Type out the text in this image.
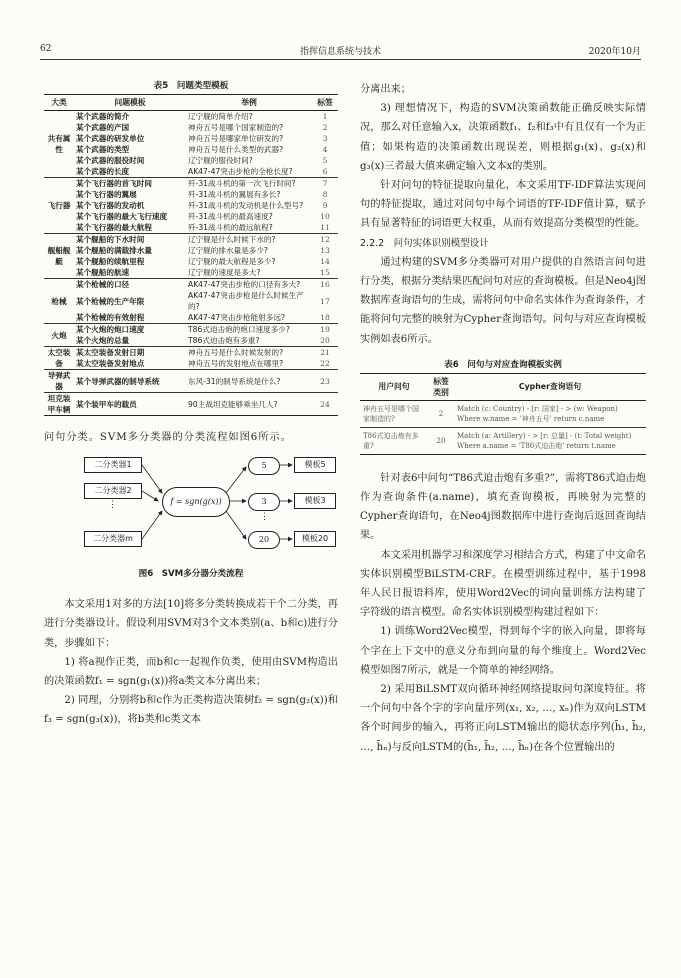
62	指挥信息系统与技术	2020年10月
表5　问题类型模板
大类	问题模板	举例	标签
共有属性	某个武器的简介	辽宁舰的简单介绍?	1
	某个武器的产国	神舟五号是哪个国家制造的?	2
	某个武器的研发单位	神舟五号是哪家单位研发的?	3
	某个武器的类型	神舟五号是什么类型的武器?	4
	某个武器的服役时间	辽宁舰的服役时间?	5
	某个武器的长度	AK47-47突击步枪的全枪长度?	6
飞行器	某个飞行器的首飞时间	歼-31战斗机的第一次飞行时间?	7
	某个飞行器的翼展	歼-31战斗机的翼展有多长?	8
	某个飞行器的发动机	歼-31战斗机的发动机是什么型号?	9
	某个飞行器的最大飞行速度	歼-31战斗机的最高速度?	10
	某个飞行器的最大航程	歼-31战斗机的最远航程?	11
舰船舰艇	某个舰船的下水时间	辽宁舰是什么时候下水的?	12
	某个舰船的满载排水量	辽宁舰的排水量是多少?	13
	某个舰船的续航里程	辽宁舰的最大航程是多少?	14
	某个舰船的航速	辽宁舰的速度是多大?	15
枪械	某个枪械的口径	AK47-47突击步枪的口径有多大?	16
	某个枪械的生产年限	AK47-47突击步枪是什么时候生产的?	17
	某个枪械的有效射程	AK47-47突击步枪能射多远?	18
火炮	某个火炮的炮口速度	T86式迫击炮的炮口速度多少?	19
	某个火炮的总量	T86式迫击炮有多重?	20
太空装备	某太空装备发射日期	神舟五号是什么时候发射的?	21
	某太空装备发射地点	神舟五号的发射地点在哪里?	22
导弹武器	某个导弹武器的制导系统	东风-31的制导系统是什么?	23
坦克装甲车辆	某个装甲车的载员	90主战坦克能够乘坐几人?	24

问句分类。SVM多分类器的分类流程如图6所示。

二分类器1
二分类器2
⋮
二分类器m
f = sgn(g(x))
5
3
⋮
20
模板5
模板3
模板20
图6　SVM多分器分类流程

本文采用1对多的方法[10]将多分类转换成若干个二分类，再进行分类器设计。假设利用SVM对3个文本类别(a、b和c)进行分类，步骤如下：

1) 将a视作正类，而b和c一起视作负类，使用由SVM构造出的决策函数f₁ = sgn(g₁(x))将a类文本分离出来；

2) 同理，分别将b和c作为正类构造决策树f₂ = sgn(g₂(x))和f₃ = sgn(g₃(x))，将b类和c类文本

分离出来；

3) 理想情况下，构造的SVM决策函数能正确反映实际情况，那么对任意输入x，决策函数f₁、f₂和f₃中有且仅有一个为正值；如果构造的决策函数出现误差，则根据g₁(x)、g₂(x)和g₃(x)三者最大值来确定输入文本x的类别。

针对问句的特征提取向量化，本文采用TF-IDF算法实现问句的特征提取，通过对问句中每个词语的TF-IDF值计算，赋予具有显著特征的词语更大权重，从而有效提高分类模型的性能。

2.2.2　问句实体识别模型设计

通过构建的SVM多分类器可对用户提供的自然语言问句进行分类，根据分类结果匹配问句对应的查询模板。但是Neo4j图数据库查询语句的生成，需将问句中命名实体作为查询条件，才能将问句完整的映射为Cypher查询语句。问句与对应查询模板实例如表6所示。

表6　问句与对应查询模板实例
用户问句	标签类别	Cypher查询语句
神舟五号是哪个国家制造的?	2	Match (c: Country) - [r: 国家] - > (w: Weapon) Where w.name = '神舟五号' return c.name
T86式迫击炮有多重?	20	Match (a: Artillery) - > [r: 总量] - (t: Total weight) Where a.name = 'T86式迫击炮' return t.name

针对表6中问句“T86式迫击炮有多重?”，需将T86式迫击炮作为查询条件(a.name)，填充查询模板，再映射为完整的Cypher查询语句，在Neo4j图数据库中进行查询后返回查询结果。

本文采用机器学习和深度学习相结合方式，构建了中文命名实体识别模型BiLSTM-CRF。在模型训练过程中，基于1998年人民日报语料库，使用Word2Vec的词向量训练方法构建了字符级的语言模型。命名实体识别模型构建过程如下：

1) 训练Word2Vec模型，得到每个字的嵌入向量，即将每个字在上下文中的意义分布到向量的每个维度上。Word2Vec模型如图7所示，就是一个简单的神经网络。

2) 采用BiLSMT双向循环神经网络提取问句深度特征。将一个问句中各个字的字向量序列(x₁, x₂, …, xₙ)作为双向LSTM各个时间步的输入，再将正向LSTM输出的隐状态序列(h̄₁, h̄₂, …, h̄ₙ)与反向LSTM的(h̄₁, h̄₂, …, h̄ₙ)在各个位置输出的
